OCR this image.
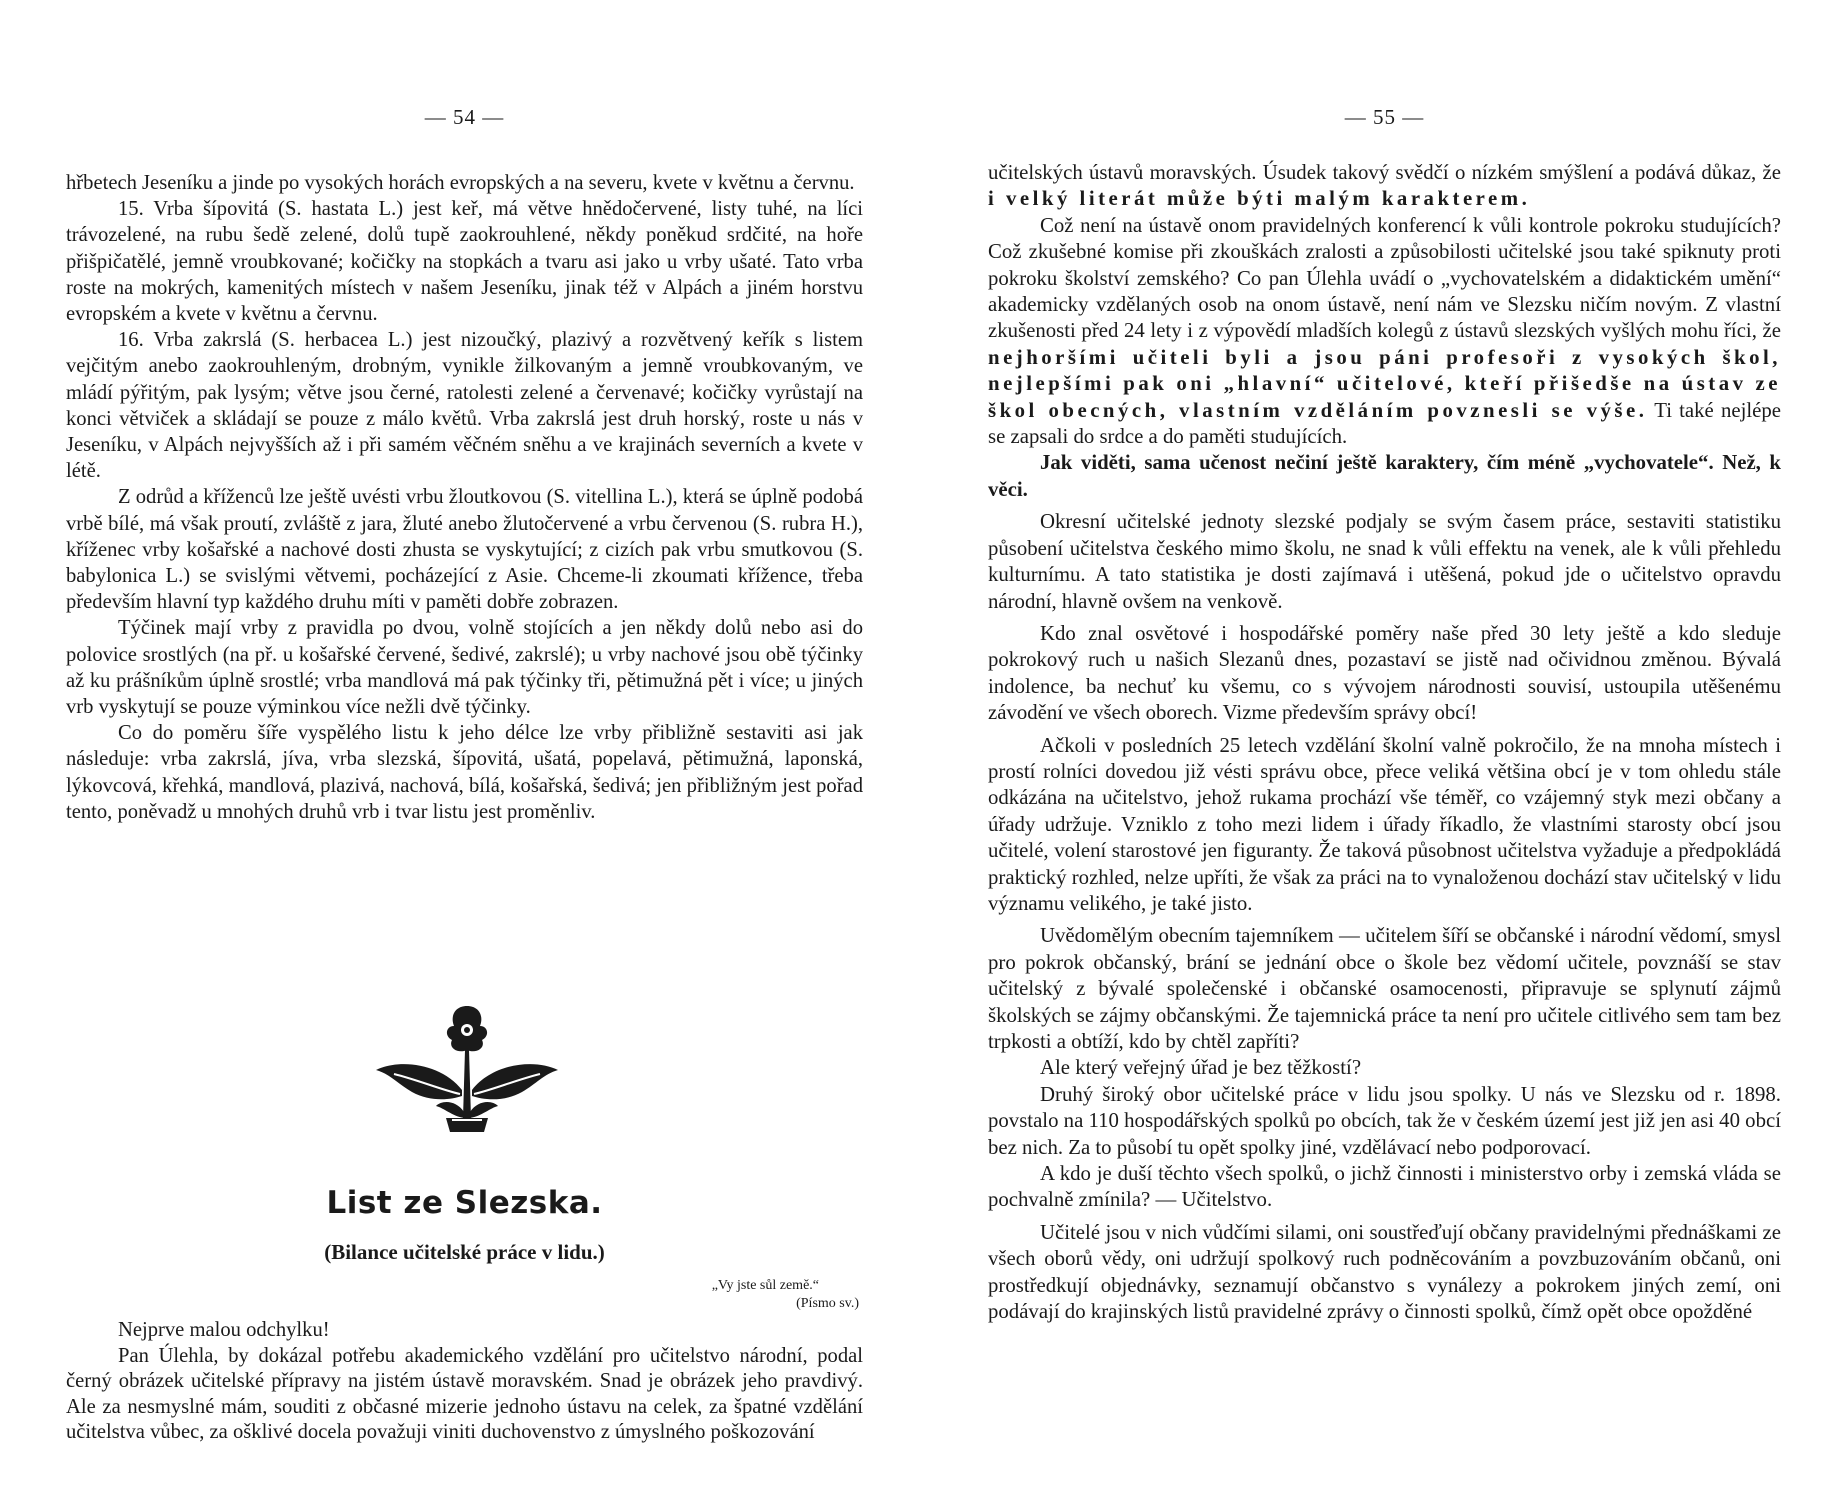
— 54 —

hřbetech Jeseníku a jinde po vysokých horách evropských a na severu, kvete v květnu a červnu.

15. Vrba šípovitá (S. hastata L.) jest keř, má větve hnědočervené, listy tuhé, na líci trávozelené, na rubu šedě zelené, dolů tupě zaokrouhlené, někdy poněkud srdčité, na hoře přišpičatělé, jemně vroubkované; kočičky na stopkách a tvaru asi jako u vrby ušaté. Tato vrba roste na mokrých, kamenitých místech v našem Jeseníku, jinak též v Alpách a jiném horstvu evropském a kvete v květnu a červnu.

16. Vrba zakrslá (S. herbacea L.) jest nizoučký, plazivý a rozvětvený keřík s listem vejčitým anebo zaokrouhleným, drobným, vynikle žilkovaným a jemně vroubkovaným, ve mládí pýřitým, pak lysým; větve jsou černé, ratolesti zelené a červenavé; kočičky vyrůstají na konci větviček a skládají se pouze z málo květů. Vrba zakrslá jest druh horský, roste u nás v Jeseníku, v Alpách nejvyšších až i při samém věčném sněhu a ve krajinách severních a kvete v létě.

Z odrůd a kříženců lze ještě uvésti vrbu žloutkovou (S. vitellina L.), která se úplně podobá vrbě bílé, má však proutí, zvláště z jara, žluté anebo žlutočervené a vrbu červenou (S. rubra H.), kříženec vrby košařské a nachové dosti zhusta se vyskytující; z cizích pak vrbu smutkovou (S. babylonica L.) se svislými větvemi, pocházející z Asie. Chceme-li zkoumati křížence, třeba především hlavní typ každého druhu míti v paměti dobře zobrazen.

Týčinek mají vrby z pravidla po dvou, volně stojících a jen někdy dolů nebo asi do polovice srostlých (na př. u košařské červené, šedivé, zakrslé); u vrby nachové jsou obě týčinky až ku prášníkům úplně srostlé; vrba mandlová má pak týčinky tři, pětimužná pět i více; u jiných vrb vyskytují se pouze výminkou více nežli dvě týčinky.

Co do poměru šíře vyspělého listu k jeho délce lze vrby přibližně sestaviti asi jak následuje: vrba zakrslá, jíva, vrba slezská, šípovitá, ušatá, popelavá, pětimužná, laponská, lýkovcová, křehká, mandlová, plazivá, nachová, bílá, košařská, šedivá; jen přibližným jest pořad tento, poněvadž u mnohých druhů vrb i tvar listu jest proměnliv.

List ze Slezska.
(Bilance učitelské práce v lidu.)
„Vy jste sůl země.“
(Písmo sv.)

Nejprve malou odchylku!

Pan Úlehla, by dokázal potřebu akademického vzdělání pro učitelstvo národní, podal černý obrázek učitelské přípravy na jistém ústavě moravském. Snad je obrázek jeho pravdivý. Ale za nesmyslné mám, souditi z občasné mizerie jednoho ústavu na celek, za špatné vzdělání učitelstva vůbec, za ošklivé docela považuji viniti duchovenstvo z úmyslného poškozování

— 55 —

učitelských ústavů moravských. Úsudek takový svědčí o nízkém smýšlení a podává důkaz, že i velký literát může býti malým karakterem.

Což není na ústavě onom pravidelných konferencí k vůli kontrole pokroku studujících? Což zkušebné komise při zkouškách zralosti a způsobilosti učitelské jsou také spiknuty proti pokroku školství zemského? Co pan Úlehla uvádí o „vychovatelském a didaktickém umění“ akademicky vzdělaných osob na onom ústavě, není nám ve Slezsku ničím novým. Z vlastní zkušenosti před 24 lety i z výpovědí mladších kolegů z ústavů slezských vyšlých mohu říci, že nejhoršími učiteli byli a jsou páni profesoři z vysokých škol, nejlepšími pak oni „hlavní“ učitelové, kteří přišedše na ústav ze škol obecných, vlastním vzděláním povznesli se výše. Ti také nejlépe se zapsali do srdce a do paměti studujících.

Jak viděti, sama učenost nečiní ještě karaktery, čím méně „vychovatele“. Než, k věci.

Okresní učitelské jednoty slezské podjaly se svým časem práce, sestaviti statistiku působení učitelstva českého mimo školu, ne snad k vůli effektu na venek, ale k vůli přehledu kulturnímu. A tato statistika je dosti zajímavá i utěšená, pokud jde o učitelstvo opravdu národní, hlavně ovšem na venkově.

Kdo znal osvětové i hospodářské poměry naše před 30 lety ještě a kdo sleduje pokrokový ruch u našich Slezanů dnes, pozastaví se jistě nad očividnou změnou. Bývalá indolence, ba nechuť ku všemu, co s vývojem národnosti souvisí, ustoupila utěšenému závodění ve všech oborech. Vizme především správy obcí!

Ačkoli v posledních 25 letech vzdělání školní valně pokročilo, že na mnoha místech i prostí rolníci dovedou již vésti správu obce, přece veliká většina obcí je v tom ohledu stále odkázána na učitelstvo, jehož rukama prochází vše téměř, co vzájemný styk mezi občany a úřady udržuje. Vzniklo z toho mezi lidem i úřady říkadlo, že vlastními starosty obcí jsou učitelé, volení starostové jen figuranty. Že taková působnost učitelstva vyžaduje a předpokládá praktický rozhled, nelze upříti, že však za práci na to vynaloženou dochází stav učitelský v lidu významu velikého, je také jisto.

Uvědomělým obecním tajemníkem — učitelem šíří se občanské i národní vědomí, smysl pro pokrok občanský, brání se jednání obce o škole bez vědomí učitele, povznáší se stav učitelský z bývalé společenské i občanské osamocenosti, připravuje se splynutí zájmů školských se zájmy občanskými. Že tajemnická práce ta není pro učitele citlivého sem tam bez trpkosti a obtíží, kdo by chtěl zapříti?

Ale který veřejný úřad je bez těžkostí?

Druhý široký obor učitelské práce v lidu jsou spolky. U nás ve Slezsku od r. 1898. povstalo na 110 hospodářských spolků po obcích, tak že v českém území jest již jen asi 40 obcí bez nich. Za to působí tu opět spolky jiné, vzdělávací nebo podporovací.

A kdo je duší těchto všech spolků, o jichž činnosti i ministerstvo orby i zemská vláda se pochvalně zmínila? — Učitelstvo.

Učitelé jsou v nich vůdčími silami, oni soustřeďují občany pravidelnými přednáškami ze všech oborů vědy, oni udržují spolkový ruch podněcováním a povzbuzováním občanů, oni prostředkují objednávky, seznamují občanstvo s vynálezy a pokrokem jiných zemí, oni podávají do krajinských listů pravidelné zprávy o činnosti spolků, čímž opět obce opožděné
